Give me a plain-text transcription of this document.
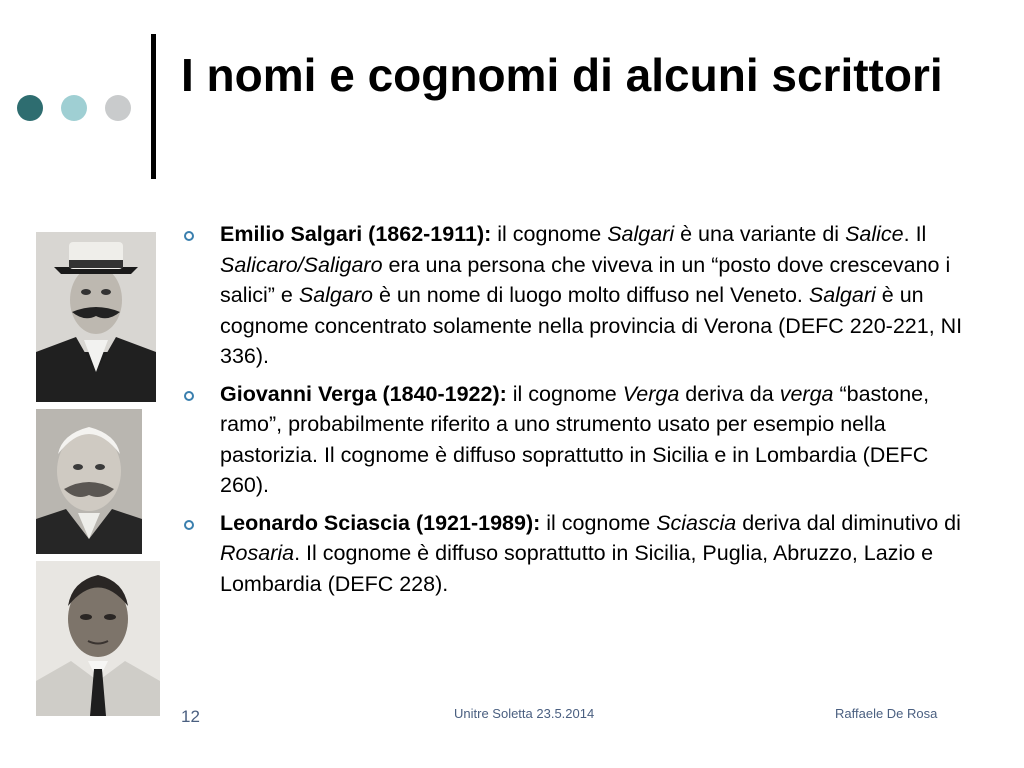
I nomi e cognomi di alcuni scrittori
Emilio Salgari (1862-1911): il cognome Salgari è una variante di Salice. Il Salicaro/Saligaro era una persona che viveva in un “posto dove crescevano i salici” e Salgaro è un nome di luogo molto diffuso nel Veneto. Salgari è un cognome concentrato solamente nella provincia di Verona (DEFC 220-221, NI 336).
Giovanni Verga (1840-1922): il cognome Verga deriva da verga “bastone, ramo”, probabilmente riferito a uno strumento usato per esempio nella pastorizia. Il cognome è diffuso soprattutto in Sicilia e in Lombardia (DEFC 260).
Leonardo Sciascia (1921-1989): il cognome Sciascia deriva dal diminutivo di Rosaria. Il cognome è diffuso soprattutto in Sicilia, Puglia, Abruzzo, Lazio e Lombardia (DEFC 228).
12	Unitre Soletta 23.5.2014	Raffaele De Rosa
